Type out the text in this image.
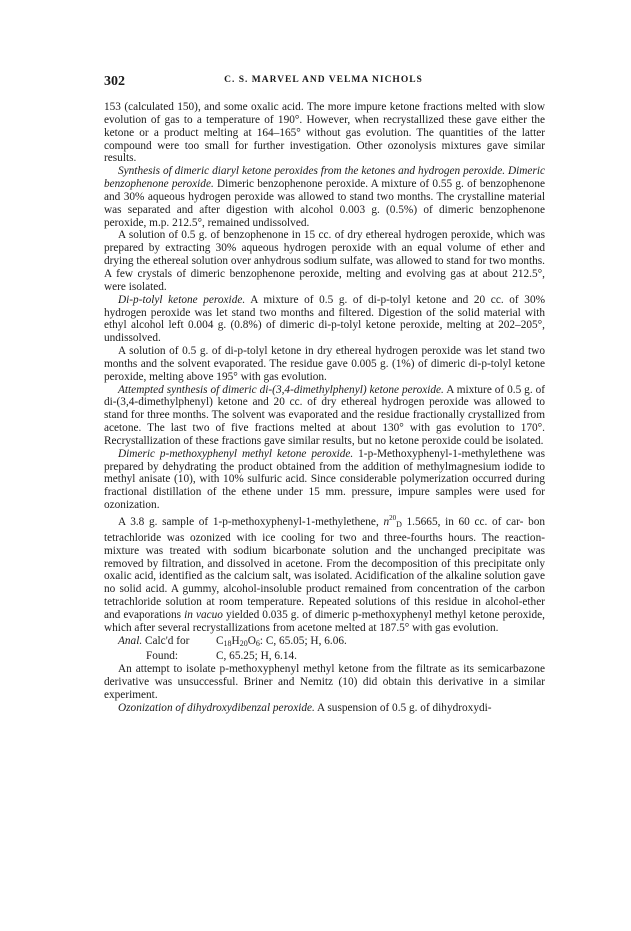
302	C. S. MARVEL AND VELMA NICHOLS

153 (calculated 150), and some oxalic acid. The more impure ketone fractions melted with slow evolution of gas to a temperature of 190°. However, when recrystallized these gave either the ketone or a product melting at 164–165° without gas evolution. The quantities of the latter compound were too small for further investigation. Other ozonolysis mixtures gave similar results.

Synthesis of dimeric diaryl ketone peroxides from the ketones and hydrogen peroxide. Dimeric benzophenone peroxide. Dimeric benzophenone peroxide. A mixture of 0.55 g. of benzophenone and 30% aqueous hydrogen peroxide was allowed to stand two months. The crystalline material was separated and after digestion with alcohol 0.003 g. (0.5%) of dimeric benzophenone peroxide, m.p. 212.5°, remained undissolved.

A solution of 0.5 g. of benzophenone in 15 cc. of dry ethereal hydrogen peroxide, which was prepared by extracting 30% aqueous hydrogen peroxide with an equal volume of ether and drying the ethereal solution over anhydrous sodium sulfate, was allowed to stand for two months. A few crystals of dimeric benzophenone peroxide, melting and evolving gas at about 212.5°, were isolated.

Di-p-tolyl ketone peroxide. A mixture of 0.5 g. of di-p-tolyl ketone and 20 cc. of 30% hydrogen peroxide was let stand two months and filtered. Digestion of the solid material with ethyl alcohol left 0.004 g. (0.8%) of dimeric di-p-tolyl ketone peroxide, melting at 202–205°, undissolved.

A solution of 0.5 g. of di-p-tolyl ketone in dry ethereal hydrogen peroxide was let stand two months and the solvent evaporated. The residue gave 0.005 g. (1%) of dimeric di-p-tolyl ketone peroxide, melting above 195° with gas evolution.

Attempted synthesis of dimeric di-(3,4-dimethylphenyl) ketone peroxide. A mixture of 0.5 g. of di-(3,4-dimethylphenyl) ketone and 20 cc. of dry ethereal hydrogen peroxide was allowed to stand for three months. The solvent was evaporated and the residue fractionally crystallized from acetone. The last two of five fractions melted at about 130° with gas evolution to 170°. Recrystallization of these fractions gave similar results, but no ketone peroxide could be isolated.

Dimeric p-methoxyphenyl methyl ketone peroxide. 1-p-Methoxyphenyl-1-methylethene was prepared by dehydrating the product obtained from the addition of methylmagnesium iodide to methyl anisate (10), with 10% sulfuric acid. Since considerable polymerization occurred during fractional distillation of the ethene under 15 mm. pressure, impure samples were used for ozonization.

A 3.8 g. sample of 1-p-methoxyphenyl-1-methylethene, $n^{20}_D$ 1.5665, in 60 cc. of car- bon tetrachloride was ozonized with ice cooling for two and three-fourths hours. The reaction-mixture was treated with sodium bicarbonate solution and the unchanged precipitate was removed by filtration, and dissolved in acetone. From the decomposition of this precipitate only oxalic acid, identified as the calcium salt, was isolated. Acidification of the alkaline solution gave no solid acid. A gummy, alcohol-insoluble product remained from concentration of the carbon tetrachloride solution at room temperature. Repeated solutions of this residue in alcohol-ether and evaporations in vacuo yielded 0.035 g. of dimeric p-methoxyphenyl methyl ketone peroxide, which after several recrystallizations from acetone melted at 187.5° with gas evolution.

Anal. Calc'd for	$C_{18}H_{20}O_6$: C, 65.05; H, 6.06.
Found:	C, 65.25; H, 6.14.

An attempt to isolate p-methoxyphenyl methyl ketone from the filtrate as its semicarbazone derivative was unsuccessful. Briner and Nemitz (10) did obtain this derivative in a similar experiment.

Ozonization of dihydroxydibenzal peroxide. A suspension of 0.5 g. of dihydroxydi-
